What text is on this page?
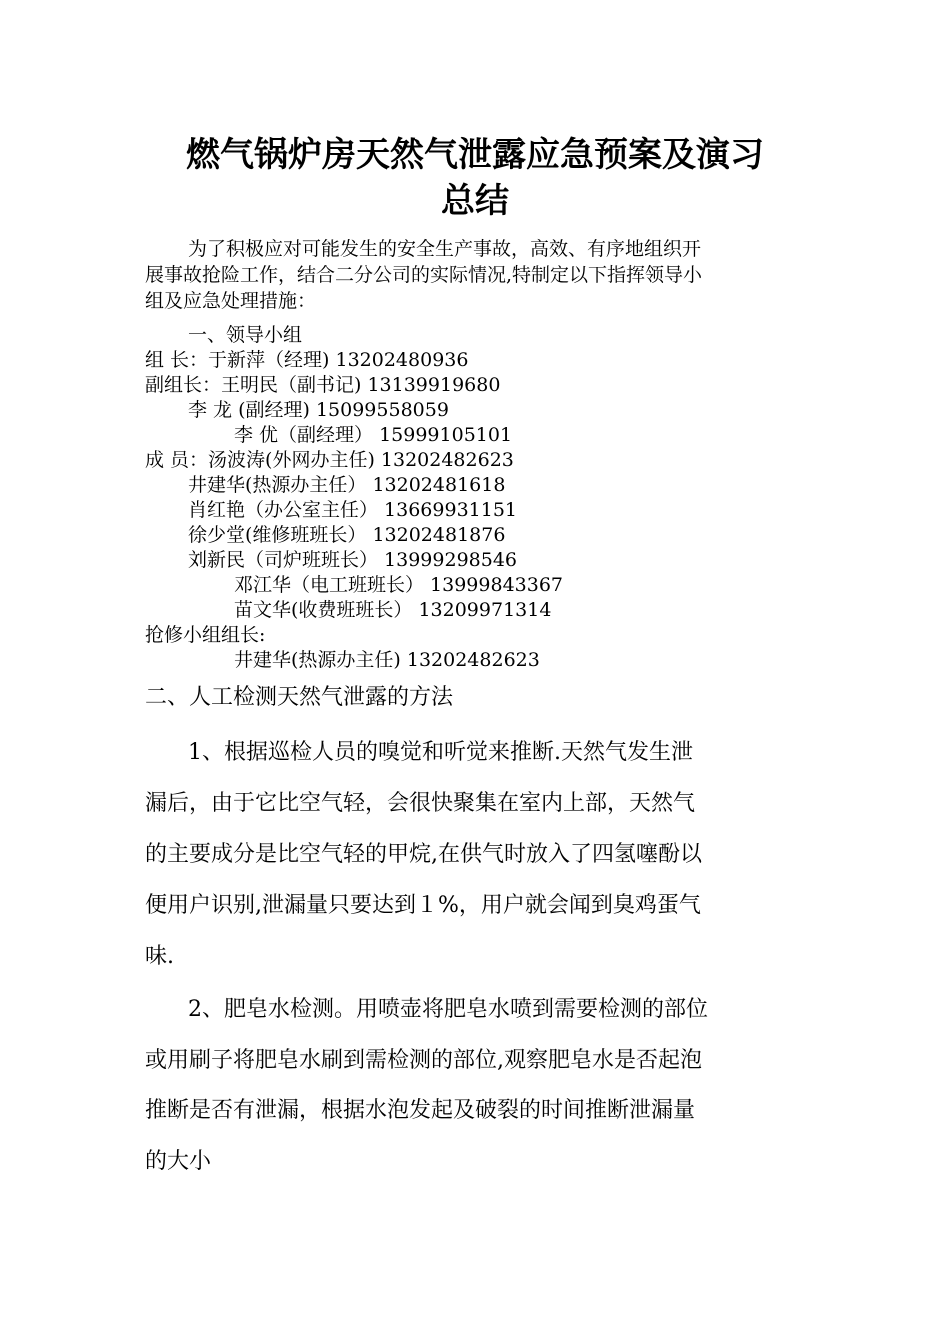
燃气锅炉房天然气泄露应急预案及演习
总结
为了积极应对可能发生的安全生产事故，高效、有序地组织开
展事故抢险工作，结合二分公司的实际情况,特制定以下指挥领导小
组及应急处理措施：
一、领导小组
组 长：于新萍（经理) 13202480936
副组长：王明民（副书记) 13139919680
李 龙 (副经理) 15099558059
李 优（副经理） 15999105101
成 员：汤波涛(外网办主任) 13202482623
井建华(热源办主任） 13202481618
肖红艳（办公室主任） 13669931151
徐少堂(维修班班长） 13202481876
刘新民（司炉班班长） 13999298546
邓江华（电工班班长） 13999843367
苗文华(收费班班长） 13209971314
抢修小组组长:
井建华(热源办主任) 13202482623
二、人工检测天然气泄露的方法
1、根据巡检人员的嗅觉和听觉来推断.天然气发生泄
漏后，由于它比空气轻，会很快聚集在室内上部，天然气
的主要成分是比空气轻的甲烷,在供气时放入了四氢噻酚以
便用户识别,泄漏量只要达到１%，用户就会闻到臭鸡蛋气
味.
2、肥皂水检测。用喷壶将肥皂水喷到需要检测的部位
或用刷子将肥皂水刷到需检测的部位,观察肥皂水是否起泡
推断是否有泄漏，根据水泡发起及破裂的时间推断泄漏量
的大小
